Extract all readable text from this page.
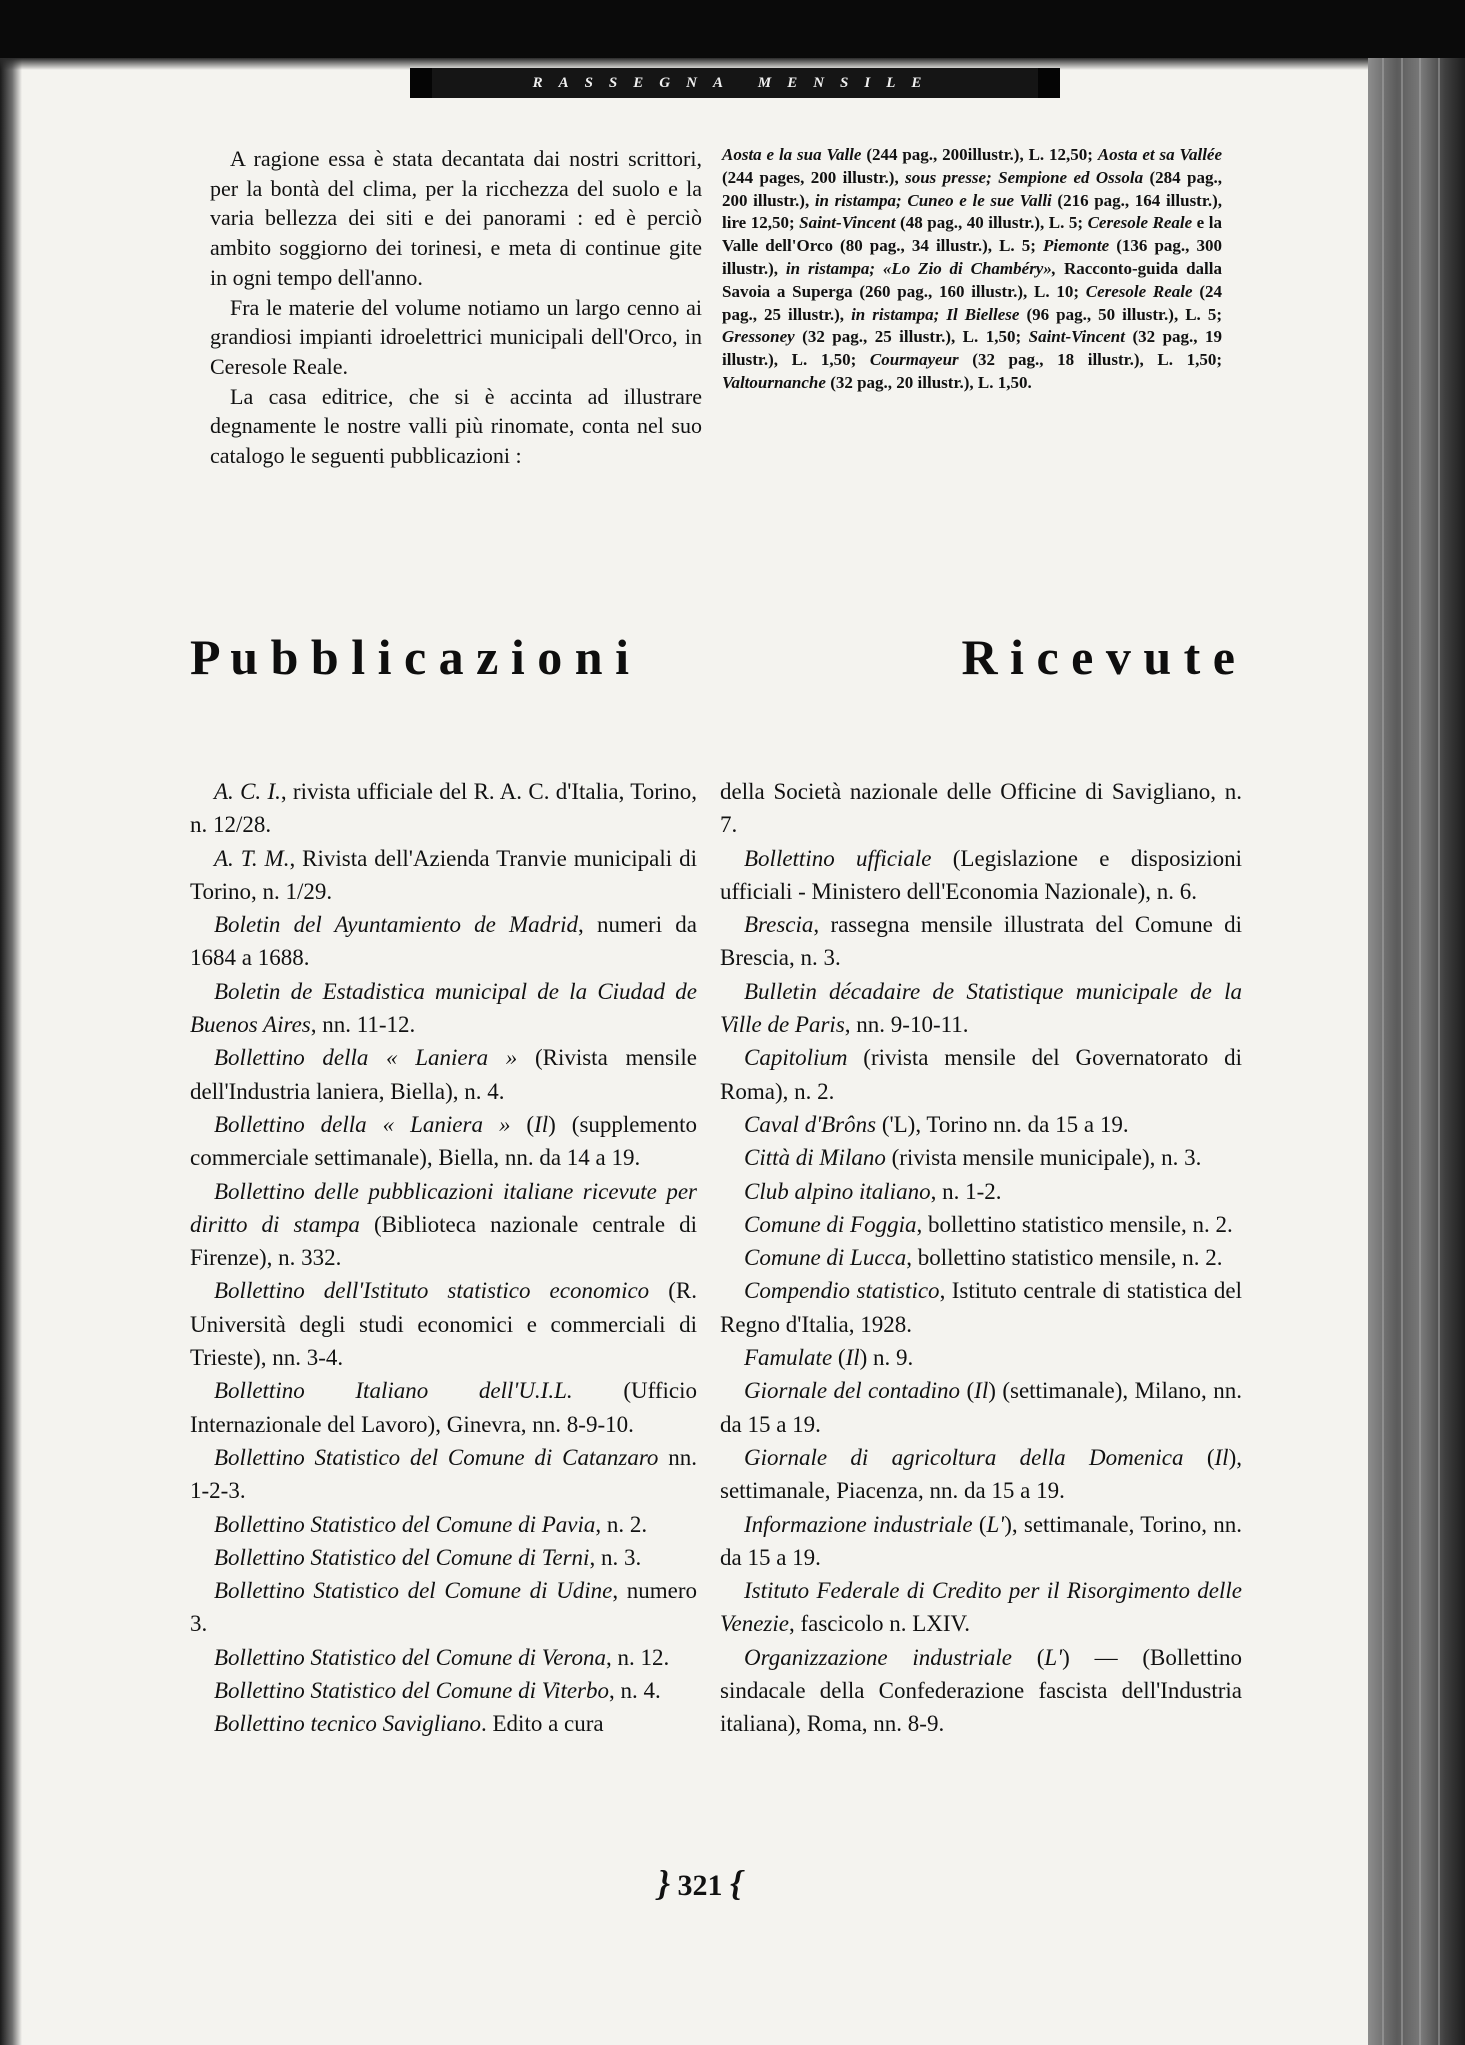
RASSEGNA MENSILE

A ragione essa è stata decantata dai nostri scrittori, per la bontà del clima, per la ricchezza del suolo e la varia bellezza dei siti e dei panorami : ed è perciò ambito soggiorno dei torinesi, e meta di continue gite in ogni tempo dell'anno.

Fra le materie del volume notiamo un largo cenno ai grandiosi impianti idroelettrici municipali dell'Orco, in Ceresole Reale.

La casa editrice, che si è accinta ad illustrare degnamente le nostre valli più rinomate, conta nel suo catalogo le seguenti pubblicazioni :

Aosta e la sua Valle (244 pag., 200illustr.), L. 12,50; Aosta et sa Vallée (244 pages, 200 illustr.), sous presse; Sempione ed Ossola (284 pag., 200 illustr.), in ristampa; Cuneo e le sue Valli (216 pag., 164 illustr.), lire 12,50; Saint-Vincent (48 pag., 40 illustr.), L. 5; Ceresole Reale e la Valle dell'Orco (80 pag., 34 illustr.), L. 5; Piemonte (136 pag., 300 illustr.), in ristampa; «Lo Zio di Chambéry», Racconto-guida dalla Savoia a Superga (260 pag., 160 illustr.), L. 10; Ceresole Reale (24 pag., 25 illustr.), in ristampa; Il Biellese (96 pag., 50 illustr.), L. 5; Gressoney (32 pag., 25 illustr.), L. 1,50; Saint-Vincent (32 pag., 19 illustr.), L. 1,50; Courmayeur (32 pag., 18 illustr.), L. 1,50; Valtournanche (32 pag., 20 illustr.), L. 1,50.

P u b b l i c a z i o n i	R i c e v u t e

A. C. I., rivista ufficiale del R. A. C. d'Italia, Torino, n. 12/28.

A. T. M., Rivista dell'Azienda Tranvie municipali di Torino, n. 1/29.

Boletin del Ayuntamiento de Madrid, numeri da 1684 a 1688.

Boletin de Estadistica municipal de la Ciudad de Buenos Aires, nn. 11-12.

Bollettino della « Laniera » (Rivista mensile dell'Industria laniera, Biella), n. 4.

Bollettino della « Laniera » (Il) (supplemento commerciale settimanale), Biella, nn. da 14 a 19.

Bollettino delle pubblicazioni italiane ricevute per diritto di stampa (Biblioteca nazionale centrale di Firenze), n. 332.

Bollettino dell'Istituto statistico economico (R. Università degli studi economici e commerciali di Trieste), nn. 3-4.

Bollettino Italiano dell'U.I.L. (Ufficio Internazionale del Lavoro), Ginevra, nn. 8-9-10.

Bollettino Statistico del Comune di Catanzaro nn. 1-2-3.

Bollettino Statistico del Comune di Pavia, n. 2.

Bollettino Statistico del Comune di Terni, n. 3.

Bollettino Statistico del Comune di Udine, numero 3.

Bollettino Statistico del Comune di Verona, n. 12.

Bollettino Statistico del Comune di Viterbo, n. 4.

Bollettino tecnico Savigliano. Edito a cura

della Società nazionale delle Officine di Savigliano, n. 7.

Bollettino ufficiale (Legislazione e disposizioni ufficiali - Ministero dell'Economia Nazionale), n. 6.

Brescia, rassegna mensile illustrata del Comune di Brescia, n. 3.

Bulletin décadaire de Statistique municipale de la Ville de Paris, nn. 9-10-11.

Capitolium (rivista mensile del Governatorato di Roma), n. 2.

Caval d'Brôns ('L), Torino nn. da 15 a 19.

Città di Milano (rivista mensile municipale), n. 3.

Club alpino italiano, n. 1-2.

Comune di Foggia, bollettino statistico mensile, n. 2.

Comune di Lucca, bollettino statistico mensile, n. 2.

Compendio statistico, Istituto centrale di statistica del Regno d'Italia, 1928.

Famulate (Il) n. 9.

Giornale del contadino (Il) (settimanale), Milano, nn. da 15 a 19.

Giornale di agricoltura della Domenica (Il), settimanale, Piacenza, nn. da 15 a 19.

Informazione industriale (L'), settimanale, Torino, nn. da 15 a 19.

Istituto Federale di Credito per il Risorgimento delle Venezie, fascicolo n. LXIV.

Organizzazione industriale (L') — (Bollettino sindacale della Confederazione fascista dell'Industria italiana), Roma, nn. 8-9.

} 321 {
